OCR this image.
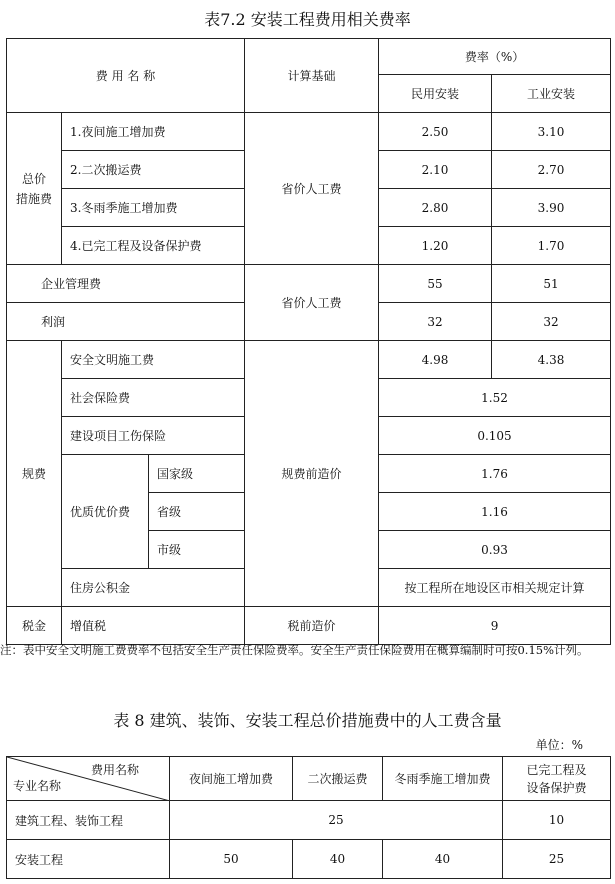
表7.2 安装工程费用相关费率
费 用 名 称			计算基础	费率（%）	
				民用安装	工业安装
总价
措施费	1.夜间施工增加费		省价人工费	2.50	3.10
	2.二次搬运费			2.10	2.70
	3.冬雨季施工增加费			2.80	3.90
	4.已完工程及设备保护费			1.20	1.70
企业管理费			省价人工费	55	51
利润				32	32
规费	安全文明施工费		规费前造价	4.98	4.38
	社会保险费			1.52	
	建设项目工伤保险			0.105	
	优质优价费	国家级		1.76	
		省级		1.16	
		市级		0.93	
	住房公积金			按工程所在地设区市相关规定计算	
税金	增值税		税前造价	9	
注：表中安全文明施工费费率不包括安全生产责任保险费率。安全生产责任保险费用在概算编制时可按0.15%计列。
表 8 建筑、装饰、安装工程总价措施费中的人工费含量
单位：%
费用名称
专业名称	夜间施工增加费	二次搬运费	冬雨季施工增加费	已完工程及
设备保护费
建筑工程、装饰工程	25			10
安装工程	50	40	40	25
